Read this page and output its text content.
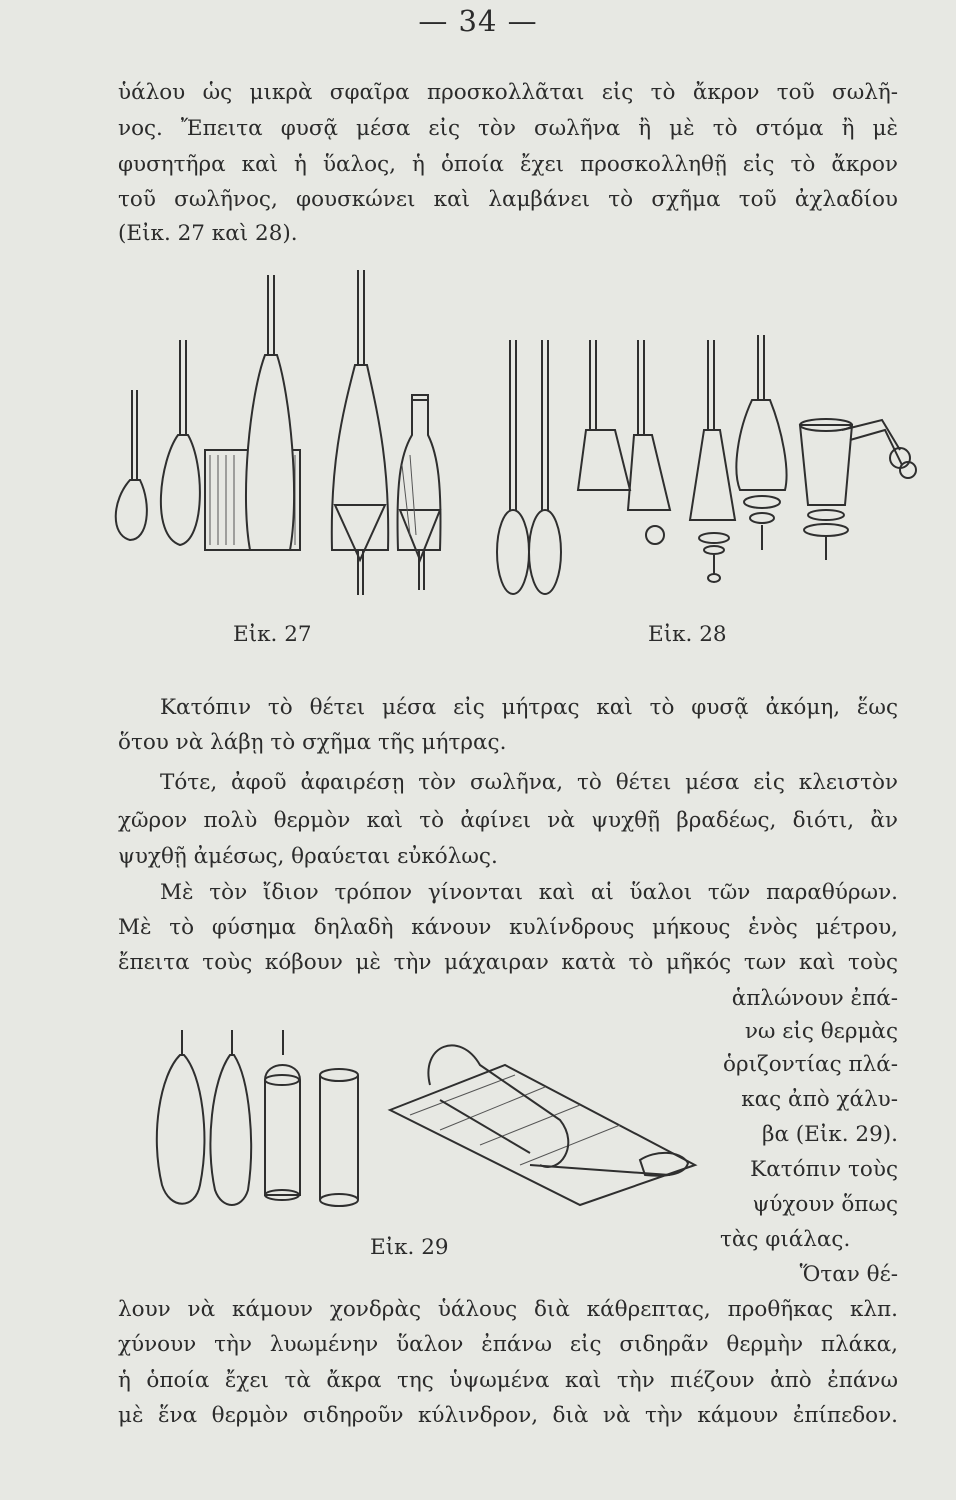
— 34 —
ὑάλου ὡς μικρὰ σφαῖρα προσκολλᾶται εἰς τὸ ἄκρον τοῦ σωλῆ-
νος. Ἔπειτα φυσᾷ μέσα εἰς τὸν σωλῆνα ἢ μὲ τὸ στόμα ἢ μὲ
φυσητῆρα καὶ ἡ ὕαλος, ἡ ὁποία ἔχει προσκολληθῇ εἰς τὸ ἄκρον
τοῦ σωλῆνος, φουσκώνει καὶ λαμβάνει τὸ σχῆμα τοῦ ἀχλαδίου
(Εἰκ. 27 καὶ 28).
Εἰκ. 27	Εἰκ. 28
Κατόπιν τὸ θέτει μέσα εἰς μήτρας καὶ τὸ φυσᾷ ἀκόμη, ἕως
ὅτου νὰ λάβῃ τὸ σχῆμα τῆς μήτρας.
Τότε, ἀφοῦ ἀφαιρέσῃ τὸν σωλῆνα, τὸ θέτει μέσα εἰς κλειστὸν
χῶρον πολὺ θερμὸν καὶ τὸ ἀφίνει νὰ ψυχθῇ βραδέως, διότι, ἂν
ψυχθῇ ἀμέσως, θραύεται εὐκόλως.
Μὲ τὸν ἴδιον τρόπον γίνονται καὶ αἱ ὕαλοι τῶν παραθύρων.
Μὲ τὸ φύσημα δηλαδὴ κάνουν κυλίνδρους μήκους ἑνὸς μέτρου,
ἔπειτα τοὺς κόβουν μὲ τὴν μάχαιραν κατὰ τὸ μῆκός των καὶ τοὺς
ἁπλώνουν ἐπά-
νω εἰς θερμὰς
ὁριζοντίας πλά-
κας ἀπὸ χάλυ-
βα (Εἰκ. 29).
Κατόπιν τοὺς
ψύχουν ὅπως
τὰς φιάλας.
Ὅταν θέ-
Εἰκ. 29
λουν νὰ κάμουν χονδρὰς ὑάλους διὰ κάθρεπτας, προθῆκας κλπ.
χύνουν τὴν λυωμένην ὕαλον ἐπάνω εἰς σιδηρᾶν θερμὴν πλάκα,
ἡ ὁποία ἔχει τὰ ἄκρα της ὑψωμένα καὶ τὴν πιέζουν ἀπὸ ἐπάνω
μὲ ἕνα θερμὸν σιδηροῦν κύλινδρον, διὰ νὰ τὴν κάμουν ἐπίπεδον.
